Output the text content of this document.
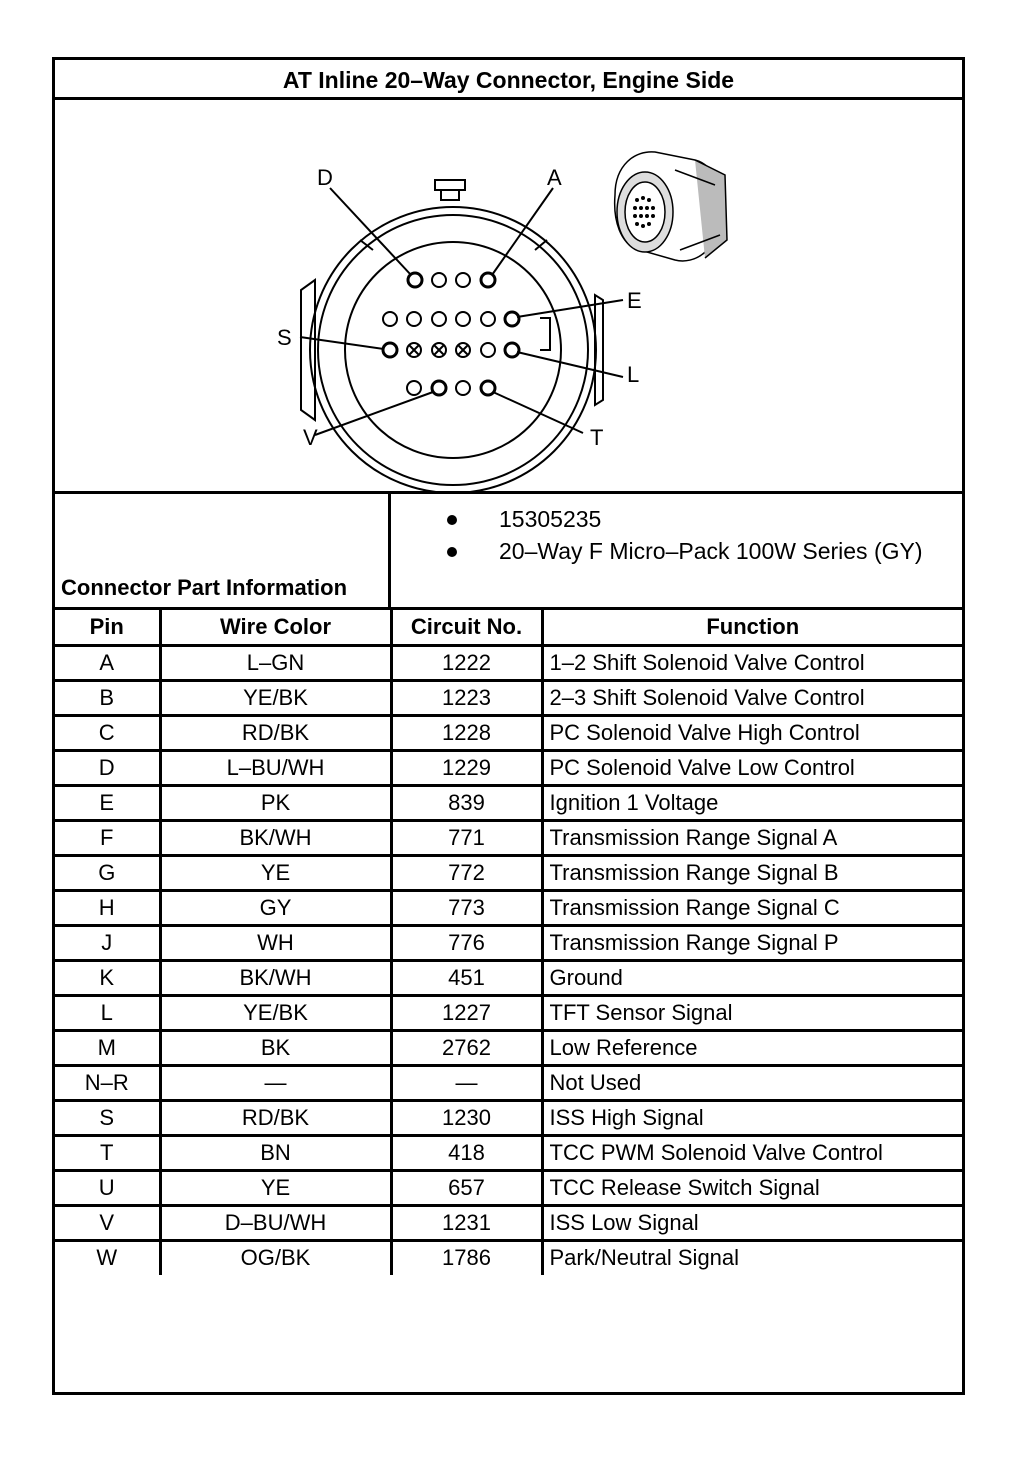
AT Inline 20–Way Connector, Engine Side
D	A
E
S
L
V	T
Connector Part Information
15305235
20–Way F Micro–Pack 100W Series (GY)
Pin	Wire Color	Circuit No.	Function
A	L–GN	1222	1–2 Shift Solenoid Valve Control
B	YE/BK	1223	2–3 Shift Solenoid Valve Control
C	RD/BK	1228	PC Solenoid Valve High Control
D	L–BU/WH	1229	PC Solenoid Valve Low Control
E	PK	839	Ignition 1 Voltage
F	BK/WH	771	Transmission Range Signal A
G	YE	772	Transmission Range Signal B
H	GY	773	Transmission Range Signal C
J	WH	776	Transmission Range Signal P
K	BK/WH	451	Ground
L	YE/BK	1227	TFT Sensor Signal
M	BK	2762	Low Reference
N–R	—	—	Not Used
S	RD/BK	1230	ISS High Signal
T	BN	418	TCC PWM Solenoid Valve Control
U	YE	657	TCC Release Switch Signal
V	D–BU/WH	1231	ISS Low Signal
W	OG/BK	1786	Park/Neutral Signal
